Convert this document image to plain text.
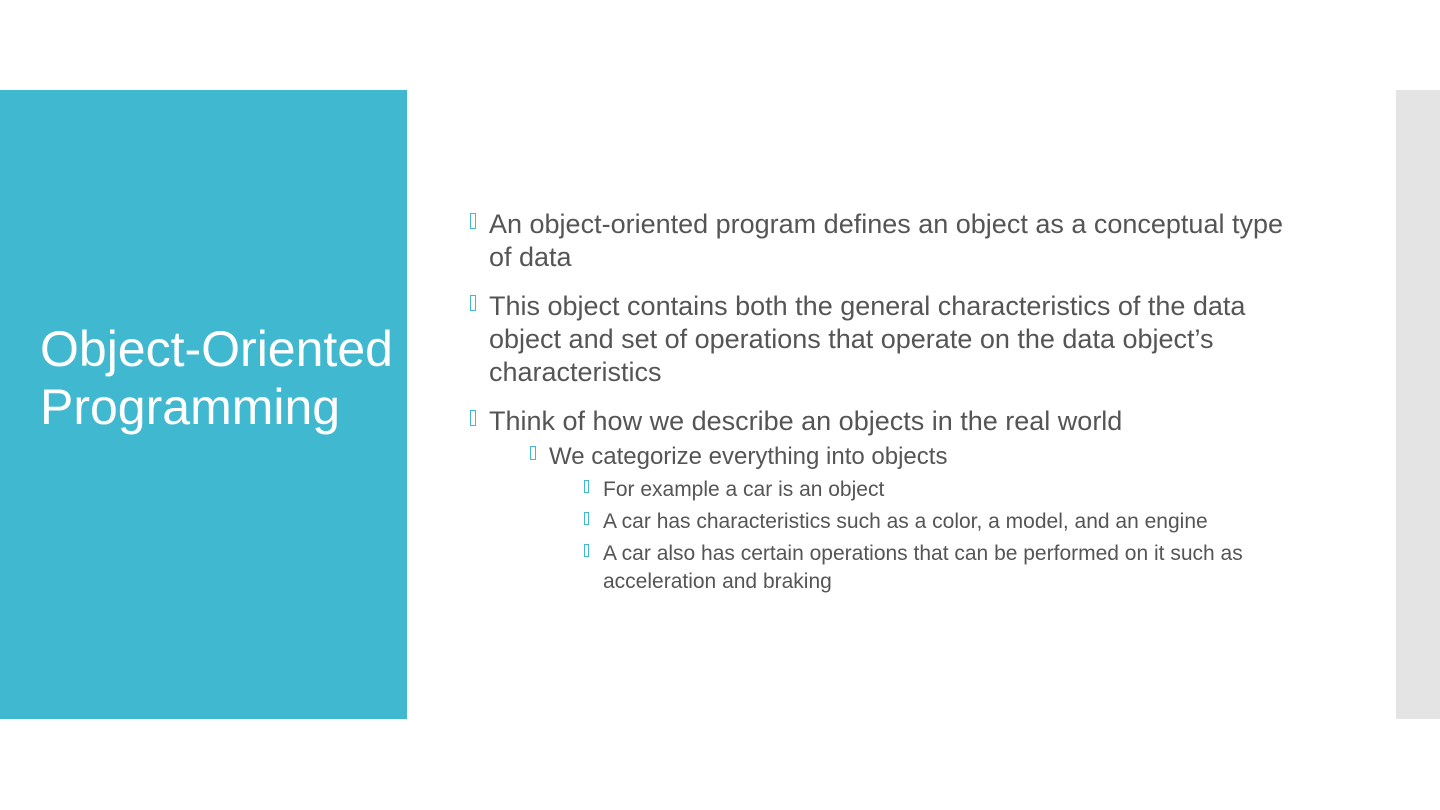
Object-Oriented Programming
An object-oriented program defines an object as a conceptual type of data
This object contains both the general characteristics of the data object and set of operations that operate on the data object’s characteristics
Think of how we describe an objects in the real world
We categorize everything into objects
For example a car is an object
A car has characteristics such as a color, a model, and an engine
A car also has certain operations that can be performed on it such as acceleration and braking
